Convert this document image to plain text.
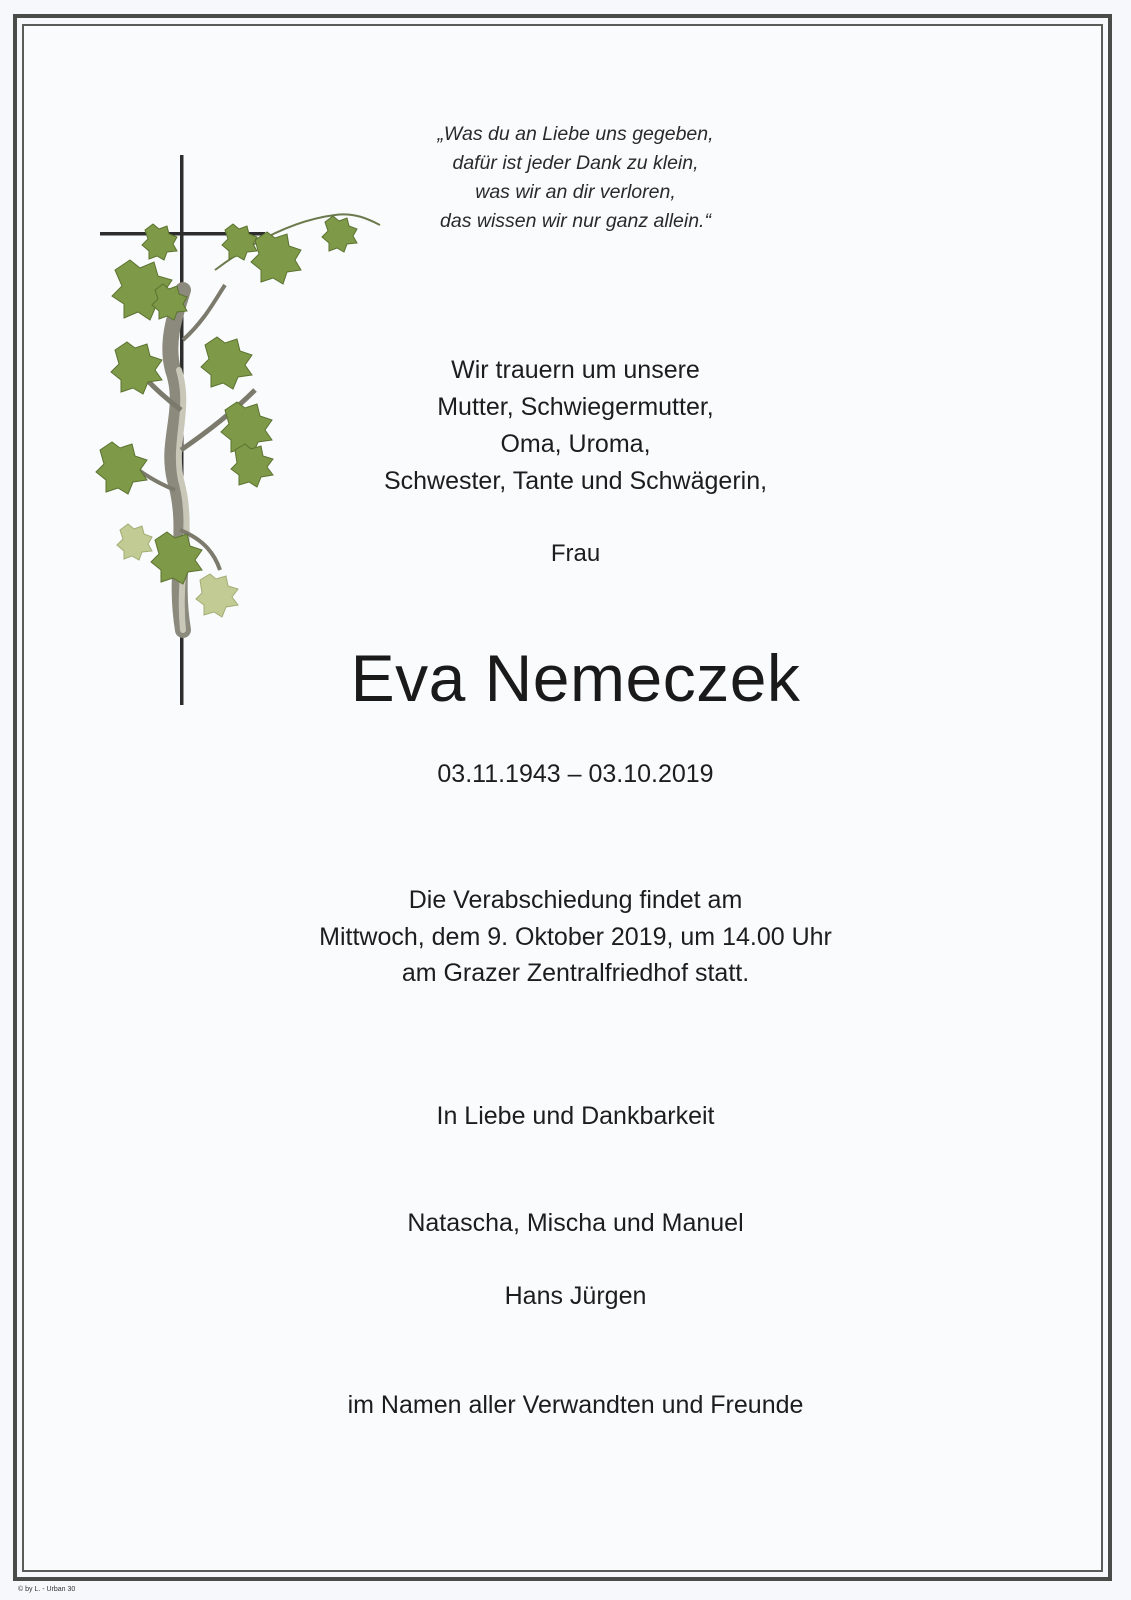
„Was du an Liebe uns gegeben,
dafür ist jeder Dank zu klein,
was wir an dir verloren,
das wissen wir nur ganz allein.“
Wir trauern um unsere
Mutter, Schwiegermutter,
Oma, Uroma,
Schwester, Tante und Schwägerin,
Frau
Eva Nemeczek
03.11.1943 – 03.10.2019
Die Verabschiedung findet am
Mittwoch, dem 9. Oktober 2019, um 14.00 Uhr
am Grazer Zentralfriedhof statt.
In Liebe und Dankbarkeit
Natascha, Mischa und Manuel
Hans Jürgen
im Namen aller Verwandten und Freunde
© by L. - Urban 30
